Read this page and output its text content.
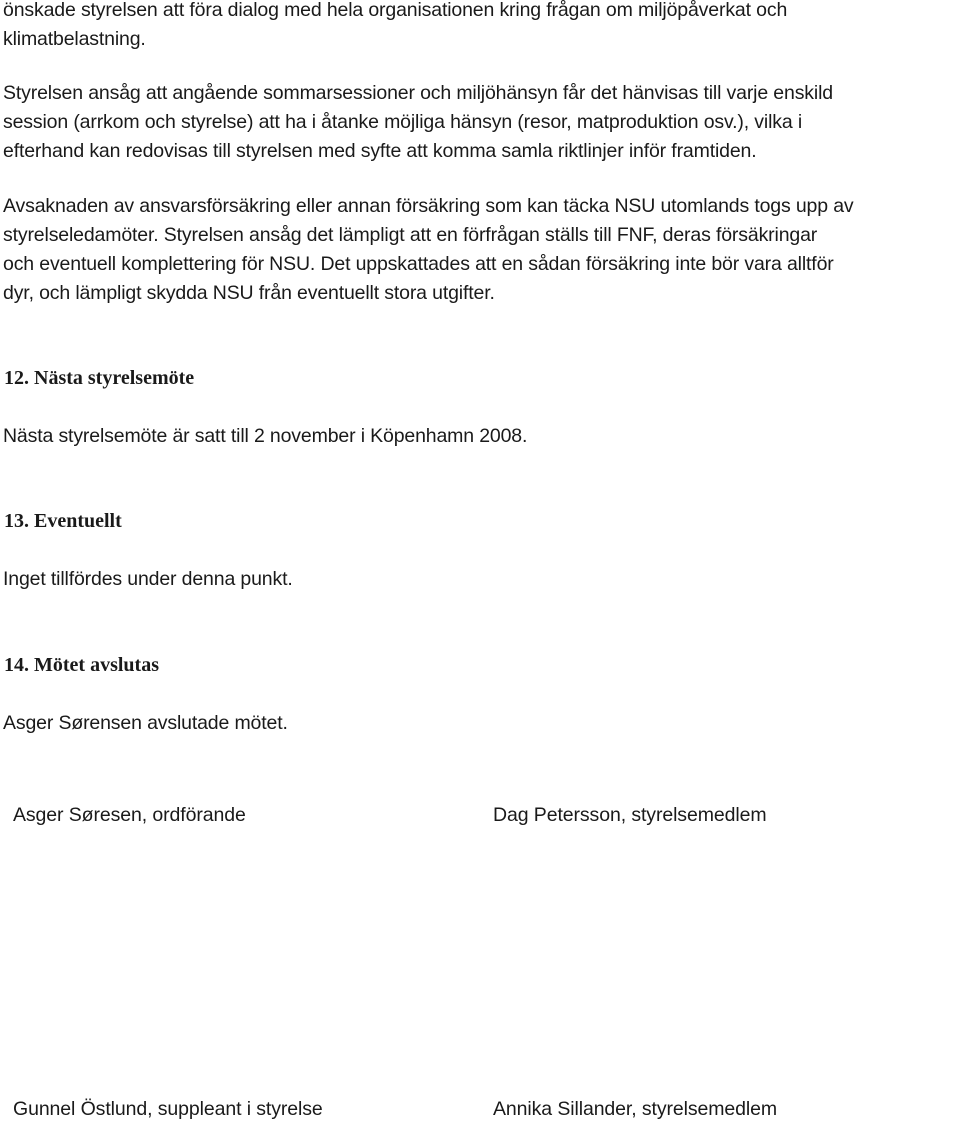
önskade styrelsen att föra dialog med hela organisationen kring frågan om miljöpåverkat och
klimatbelastning.

Styrelsen ansåg att angående sommarsessioner och miljöhänsyn får det hänvisas till varje enskild
session (arrkom och styrelse) att ha i åtanke möjliga hänsyn (resor, matproduktion osv.), vilka i
efterhand kan redovisas till styrelsen med syfte att komma samla riktlinjer inför framtiden.

Avsaknaden av ansvarsförsäkring eller annan försäkring som kan täcka NSU utomlands togs upp av
styrelseledamöter. Styrelsen ansåg det lämpligt att en förfrågan ställs till FNF, deras försäkringar
och eventuell komplettering för NSU. Det uppskattades att en sådan försäkring inte bör vara alltför
dyr, och lämpligt skydda NSU från eventuellt stora utgifter.

12. Nästa styrelsemöte

Nästa styrelsemöte är satt till 2 november i Köpenhamn 2008.

13. Eventuellt

Inget tillfördes under denna punkt.

14. Mötet avslutas

Asger Sørensen avslutade mötet.

Asger Søresen, ordförande	Dag Petersson, styrelsemedlem

Gunnel Östlund, suppleant i styrelse	Annika Sillander, styrelsemedlem
